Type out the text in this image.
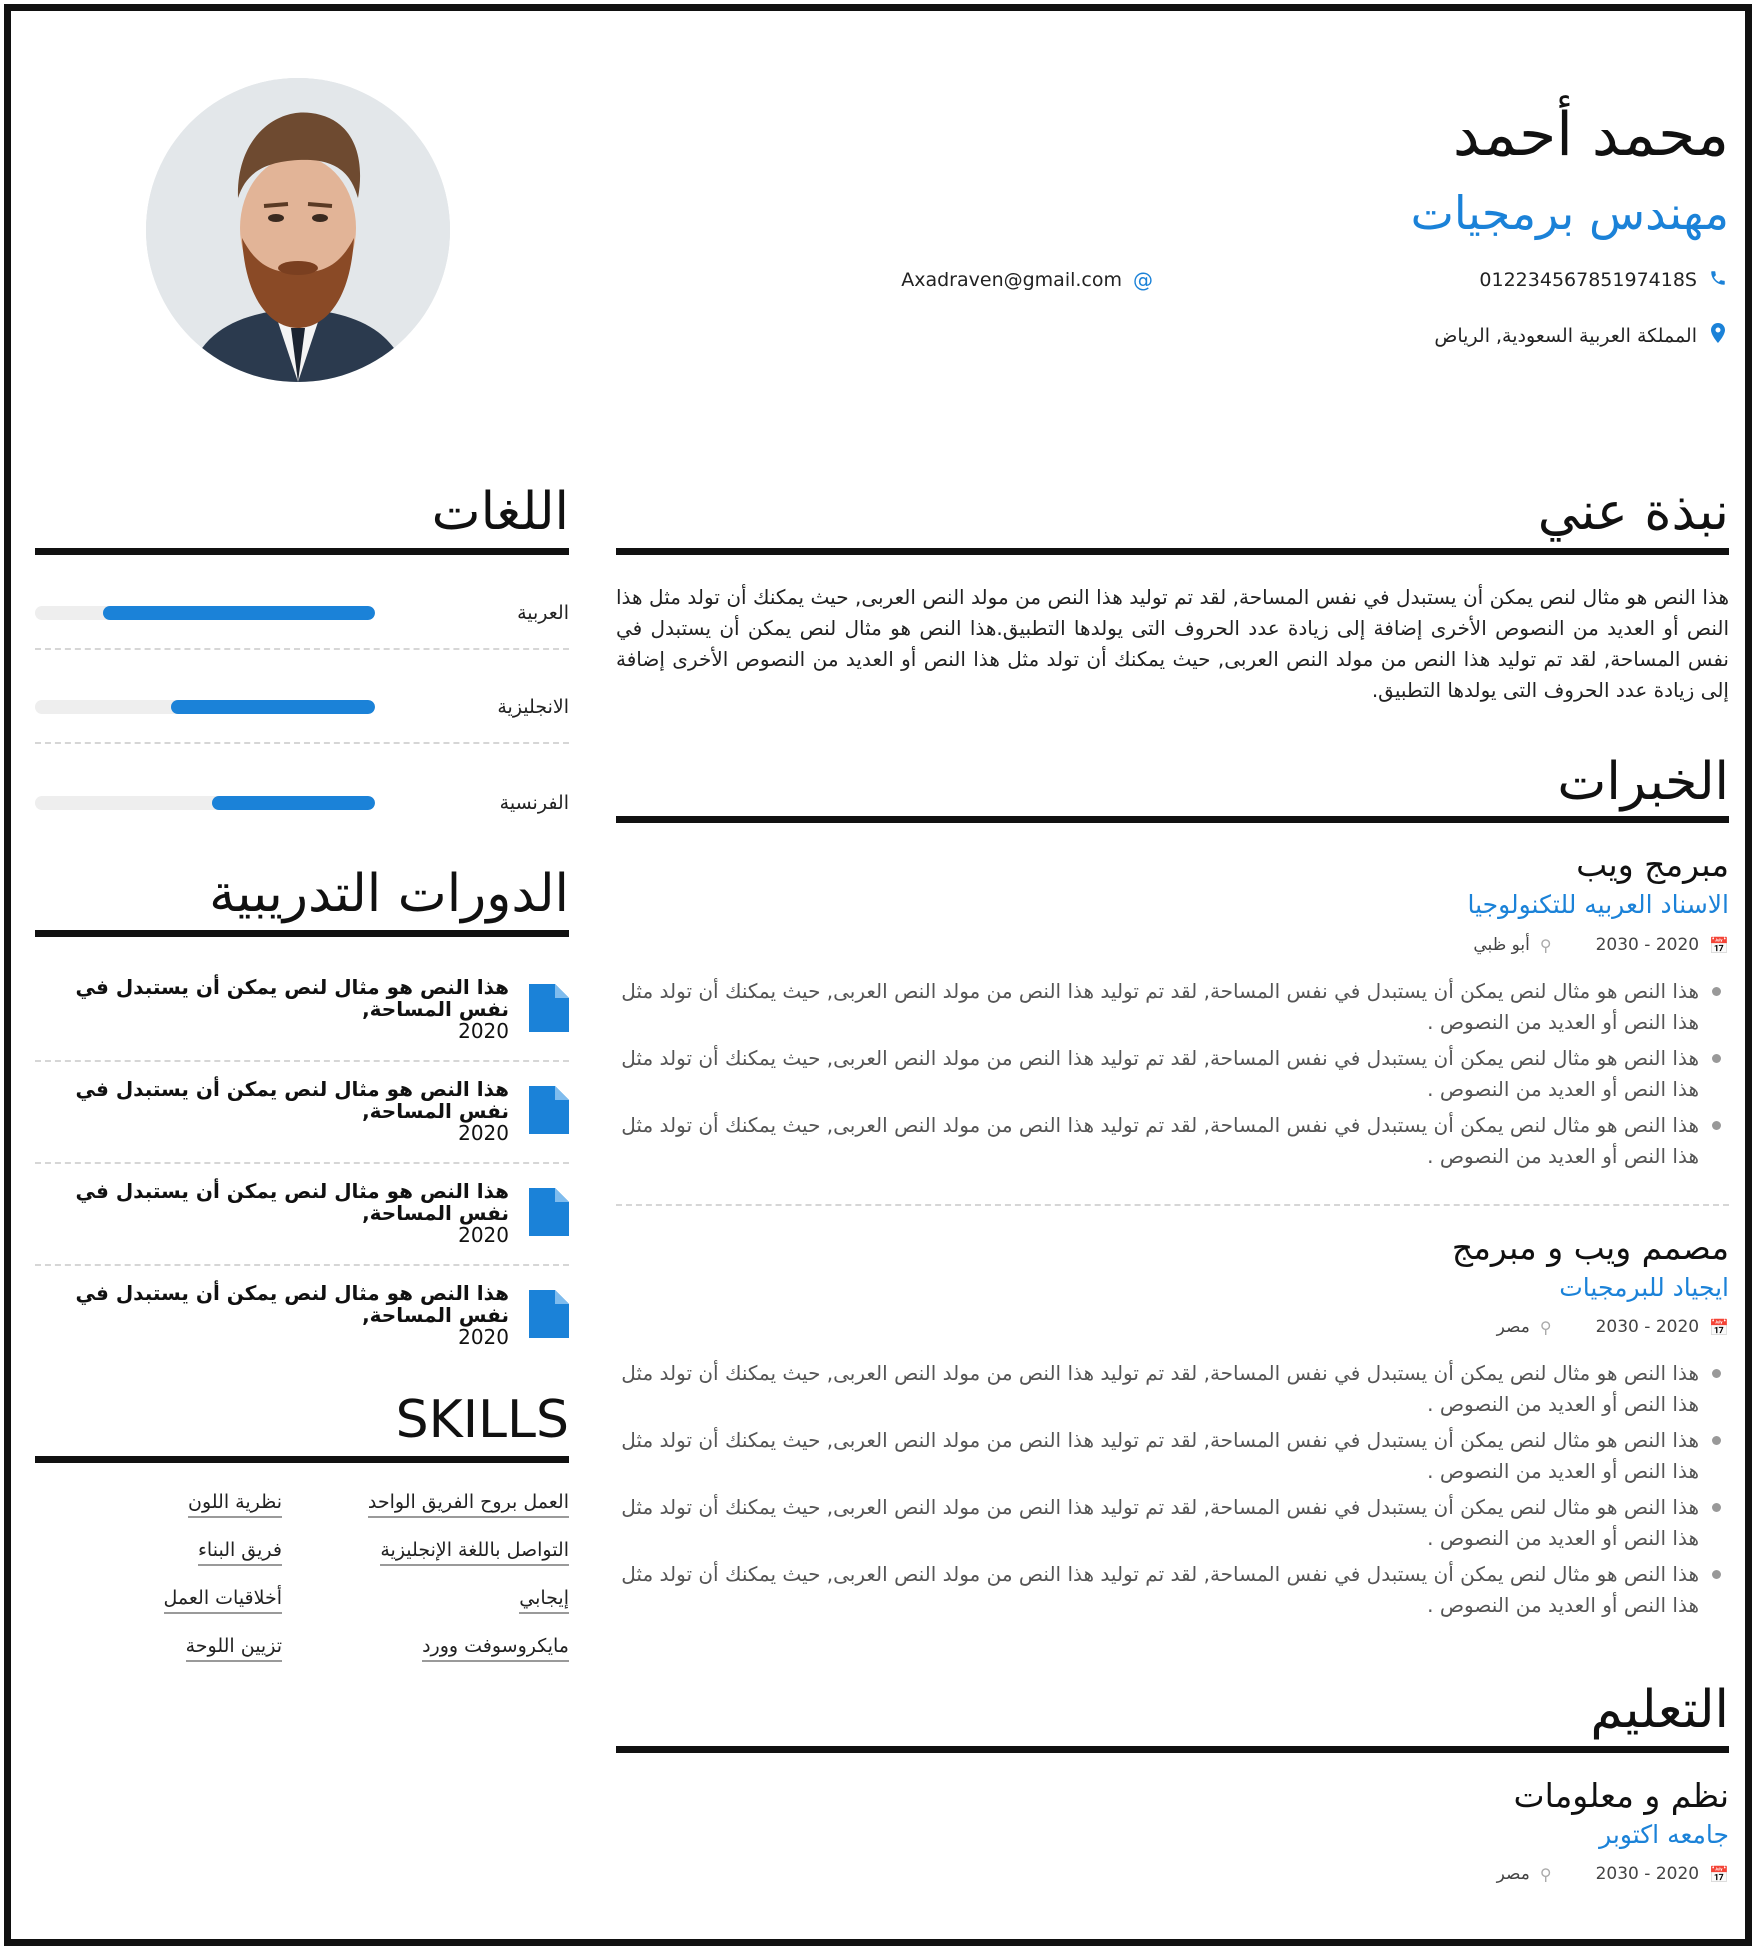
محمد أحمد
مهندس برمجيات
01223456785197418S
@
Axadraven@gmail.com
المملكة العربية السعودية, الرياض
نبذة عني
هذا النص هو مثال لنص يمكن أن يستبدل في نفس المساحة, لقد تم توليد هذا النص من مولد النص العربى, حيث يمكنك أن تولد مثل هذا النص أو العديد من النصوص الأخرى إضافة إلى زيادة عدد الحروف التى يولدها التطبيق.هذا النص هو مثال لنص يمكن أن يستبدل في نفس المساحة, لقد تم توليد هذا النص من مولد النص العربى, حيث يمكنك أن تولد مثل هذا النص أو العديد من النصوص الأخرى إضافة إلى زيادة عدد الحروف التى يولدها التطبيق.
الخبرات
مبرمج ويب
الاسناد العربيه للتكنولوجيا
📅
2020 - 2030
⚲
أبو ظبي
هذا النص هو مثال لنص يمكن أن يستبدل في نفس المساحة, لقد تم توليد هذا النص من مولد النص العربى, حيث يمكنك أن تولد مثل هذا النص أو العديد من النصوص .
هذا النص هو مثال لنص يمكن أن يستبدل في نفس المساحة, لقد تم توليد هذا النص من مولد النص العربى, حيث يمكنك أن تولد مثل هذا النص أو العديد من النصوص .
هذا النص هو مثال لنص يمكن أن يستبدل في نفس المساحة, لقد تم توليد هذا النص من مولد النص العربى, حيث يمكنك أن تولد مثل هذا النص أو العديد من النصوص .
مصمم ويب و مبرمج
ايجياد للبرمجيات
📅
2020 - 2030
⚲
مصر
هذا النص هو مثال لنص يمكن أن يستبدل في نفس المساحة, لقد تم توليد هذا النص من مولد النص العربى, حيث يمكنك أن تولد مثل هذا النص أو العديد من النصوص .
هذا النص هو مثال لنص يمكن أن يستبدل في نفس المساحة, لقد تم توليد هذا النص من مولد النص العربى, حيث يمكنك أن تولد مثل هذا النص أو العديد من النصوص .
هذا النص هو مثال لنص يمكن أن يستبدل في نفس المساحة, لقد تم توليد هذا النص من مولد النص العربى, حيث يمكنك أن تولد مثل هذا النص أو العديد من النصوص .
هذا النص هو مثال لنص يمكن أن يستبدل في نفس المساحة, لقد تم توليد هذا النص من مولد النص العربى, حيث يمكنك أن تولد مثل هذا النص أو العديد من النصوص .
التعليم
نظم و معلومات
جامعه اكتوبر
📅
2020 - 2030
⚲
مصر
اللغات
العربية
الانجليزية
الفرنسية
الدورات التدريبية
هذا النص هو مثال لنص يمكن أن يستبدل في نفس المساحة,
2020
هذا النص هو مثال لنص يمكن أن يستبدل في نفس المساحة,
2020
هذا النص هو مثال لنص يمكن أن يستبدل في نفس المساحة,
2020
هذا النص هو مثال لنص يمكن أن يستبدل في نفس المساحة,
2020
SKILLS
العمل بروح الفريق الواحد
نظرية اللون
التواصل باللغة الإنجليزية
فريق البناء
إيجابي
أخلاقيات العمل
مايكروسوفت وورد
تزيين اللوحة
